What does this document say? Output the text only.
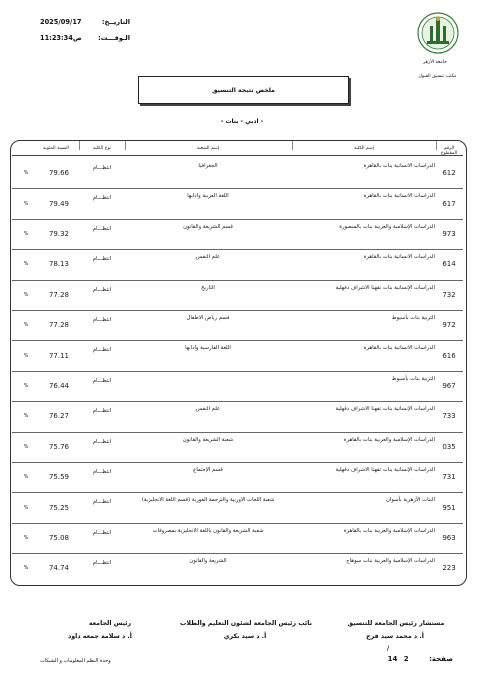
التاريــخ:
2025/09/17
الـوقـــت:
11:23:34ص
جامعة الأزهر
مكتب تنسيق القبول
ملخص نتيجة التنسيق
- ادبي - بنات -
الرقم المقطوع
إسم الكلية
إسم الشعبة
نوع الكلية
النسبة المئوية
612
الدراسات الانسانية بنات بالقاهرة
الجغرافيا
انتظـــام
79.66
%
617
الدراسات الانسانية بنات بالقاهرة
اللغة العربية وادابها
انتظـــام
79.49
%
973
الدراسات الإسلامية والعربية بنات بالمنصورة
قسم الشريعة والقانون
انتظـــام
79.32
%
614
الدراسات الانسانية بنات بالقاهرة
علم النفس
انتظـــام
78.13
%
732
الدراسات الإنسانية بنات تفهنا الاشراف دقهلية
التاريخ
انتظـــام
77.28
%
972
التربية بنات بأسيوط
قسم رياض الاطفال
انتظـــام
77.28
%
616
الدراسات الانسانية بنات بالقاهرة
اللغة الفارسية وادابها
انتظـــام
77.11
%
967
التربية بنات بأسيوط
انتظـــام
76.44
%
733
الدراسات الإنسانية بنات تفهنا الاشراف دقهلية
علم النفس
انتظـــام
76.27
%
035
الدراسات الإسلامية والعربية بنات بالقاهرة
شعبة الشريعة والقانون
انتظـــام
75.76
%
731
الدراسات الإنسانية بنات تفهنا الاشراف دقهلية
قسم الإجتماع
انتظـــام
75.59
%
951
البنات الأزهرية بأسوان
شعبة اللغات الاوربية والترجمة الفورية (قسم اللغة الانجليزية)
انتظـــام
75.25
%
963
الدراسات الإسلامية والعربية بنات بالقاهرة
شعبة الشريعة والقانون باللغة الانجليزية بمصروفات
انتظـــام
75.08
%
223
الدراسات الإسلامية والعربية بنات سوهاج
الشريعة والقانون
انتظـــام
74.74
%
مستشار رئيس الجامعة للتنسيق
أ. د محمد سيد فرج
/
نائب رئيس الجامعة لشئون التعليم والطلاب
أ. د سيد بكري
رئيس الجامعة
أ. د سلامة جمعه داود
وحدة النظم المعلومات و الشبكات	صفحة: 2 14
